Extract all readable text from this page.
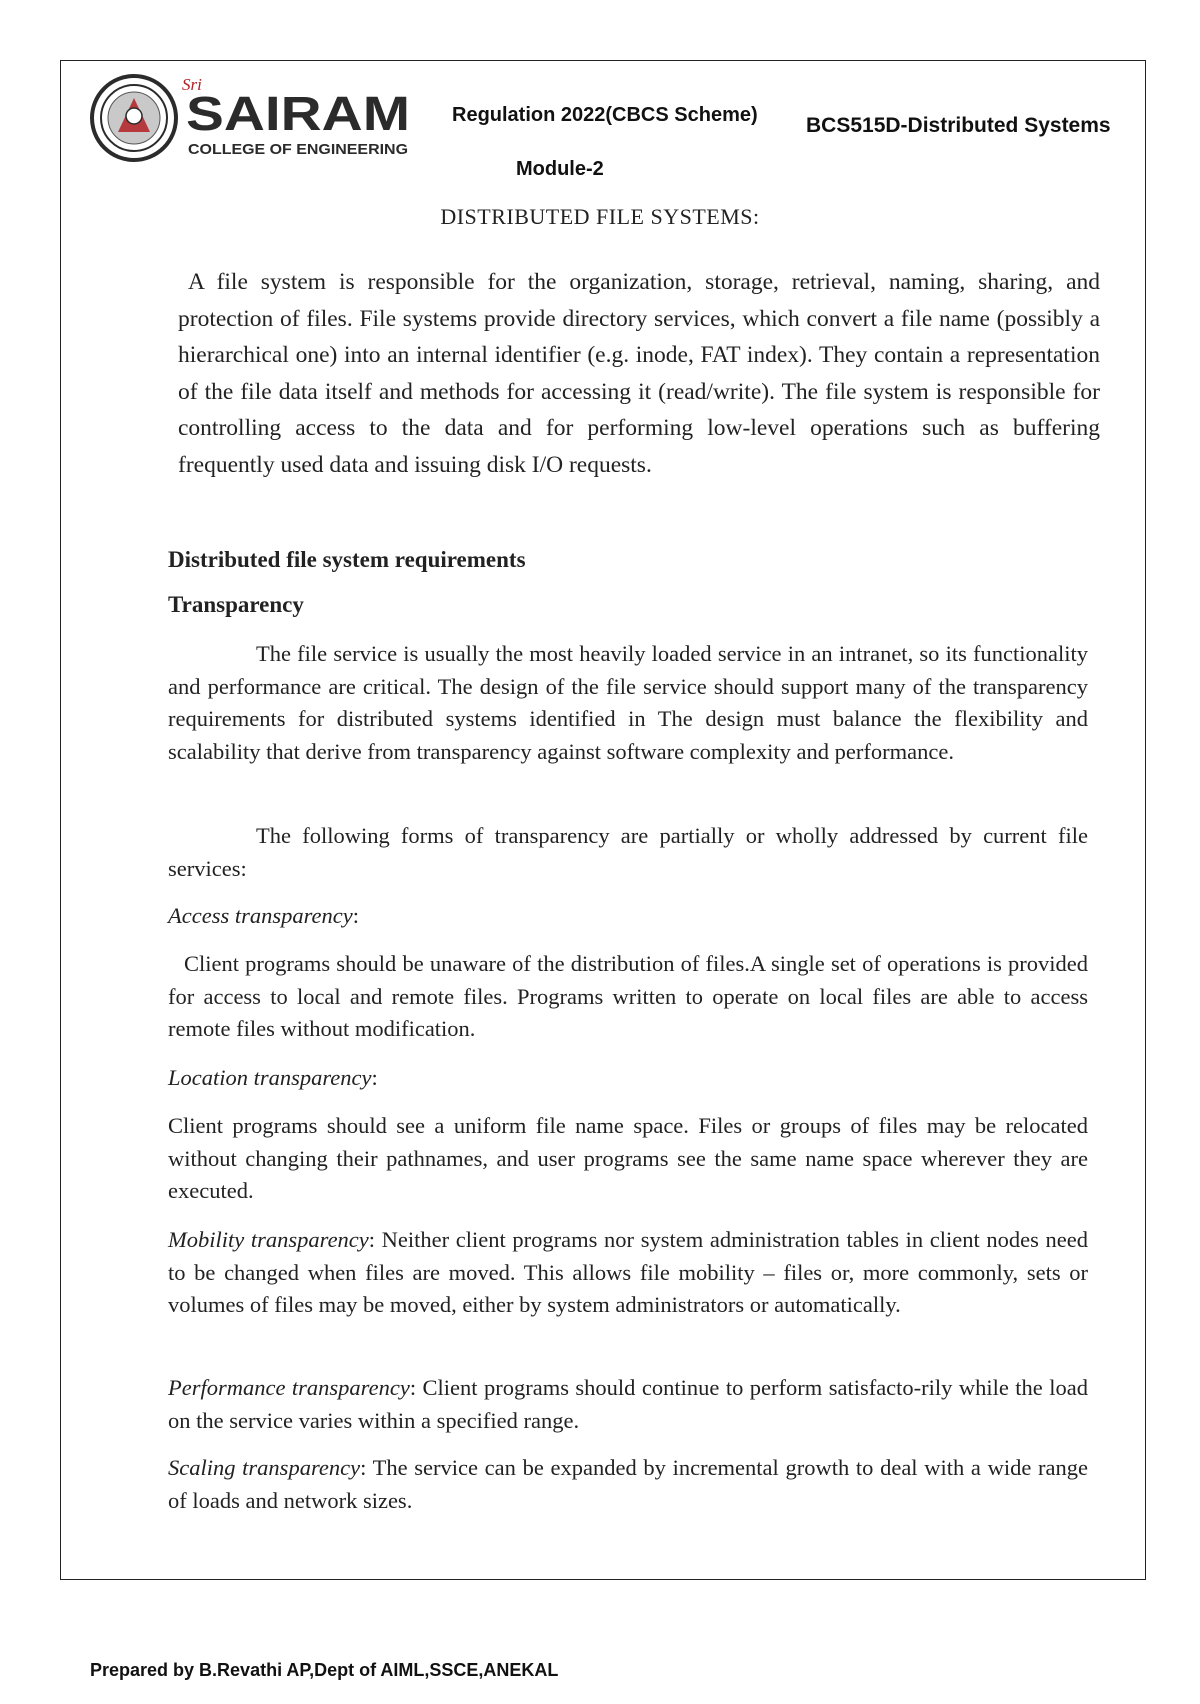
Sri
SAIRAM
COLLEGE OF ENGINEERING
Regulation 2022(CBCS Scheme) BCS515D-Distributed Systems
Module-2
DISTRIBUTED FILE SYSTEMS:

A file system is responsible for the organization, storage, retrieval, naming, sharing, and protection of files. File systems provide directory services, which convert a file name (possibly a hierarchical one) into an internal identifier (e.g. inode, FAT index). They contain a representation of the file data itself and methods for accessing it (read/write). The file system is responsible for controlling access to the data and for performing low-level operations such as buffering frequently used data and issuing disk I/O requests.

Distributed file system requirements
Transparency

The file service is usually the most heavily loaded service in an intranet, so its functionality and performance are critical. The design of the file service should support many of the transparency requirements for distributed systems identified in The design must balance the flexibility and scalability that derive from transparency against software complexity and performance.

The following forms of transparency are partially or wholly addressed by current file services:

Access transparency:

Client programs should be unaware of the distribution of files.A single set of operations is provided for access to local and remote files. Programs written to operate on local files are able to access remote files without modification.

Location transparency:

Client programs should see a uniform file name space. Files or groups of files may be relocated without changing their pathnames, and user programs see the same name space wherever they are executed.

Mobility transparency: Neither client programs nor system administration tables in client nodes need to be changed when files are moved. This allows file mobility – files or, more commonly, sets or volumes of files may be moved, either by system administrators or automatically.

Performance transparency: Client programs should continue to perform satisfacto-rily while the load on the service varies within a specified range.

Scaling transparency: The service can be expanded by incremental growth to deal with a wide range of loads and network sizes.

Prepared by B.Revathi AP,Dept of AIML,SSCE,ANEKAL
